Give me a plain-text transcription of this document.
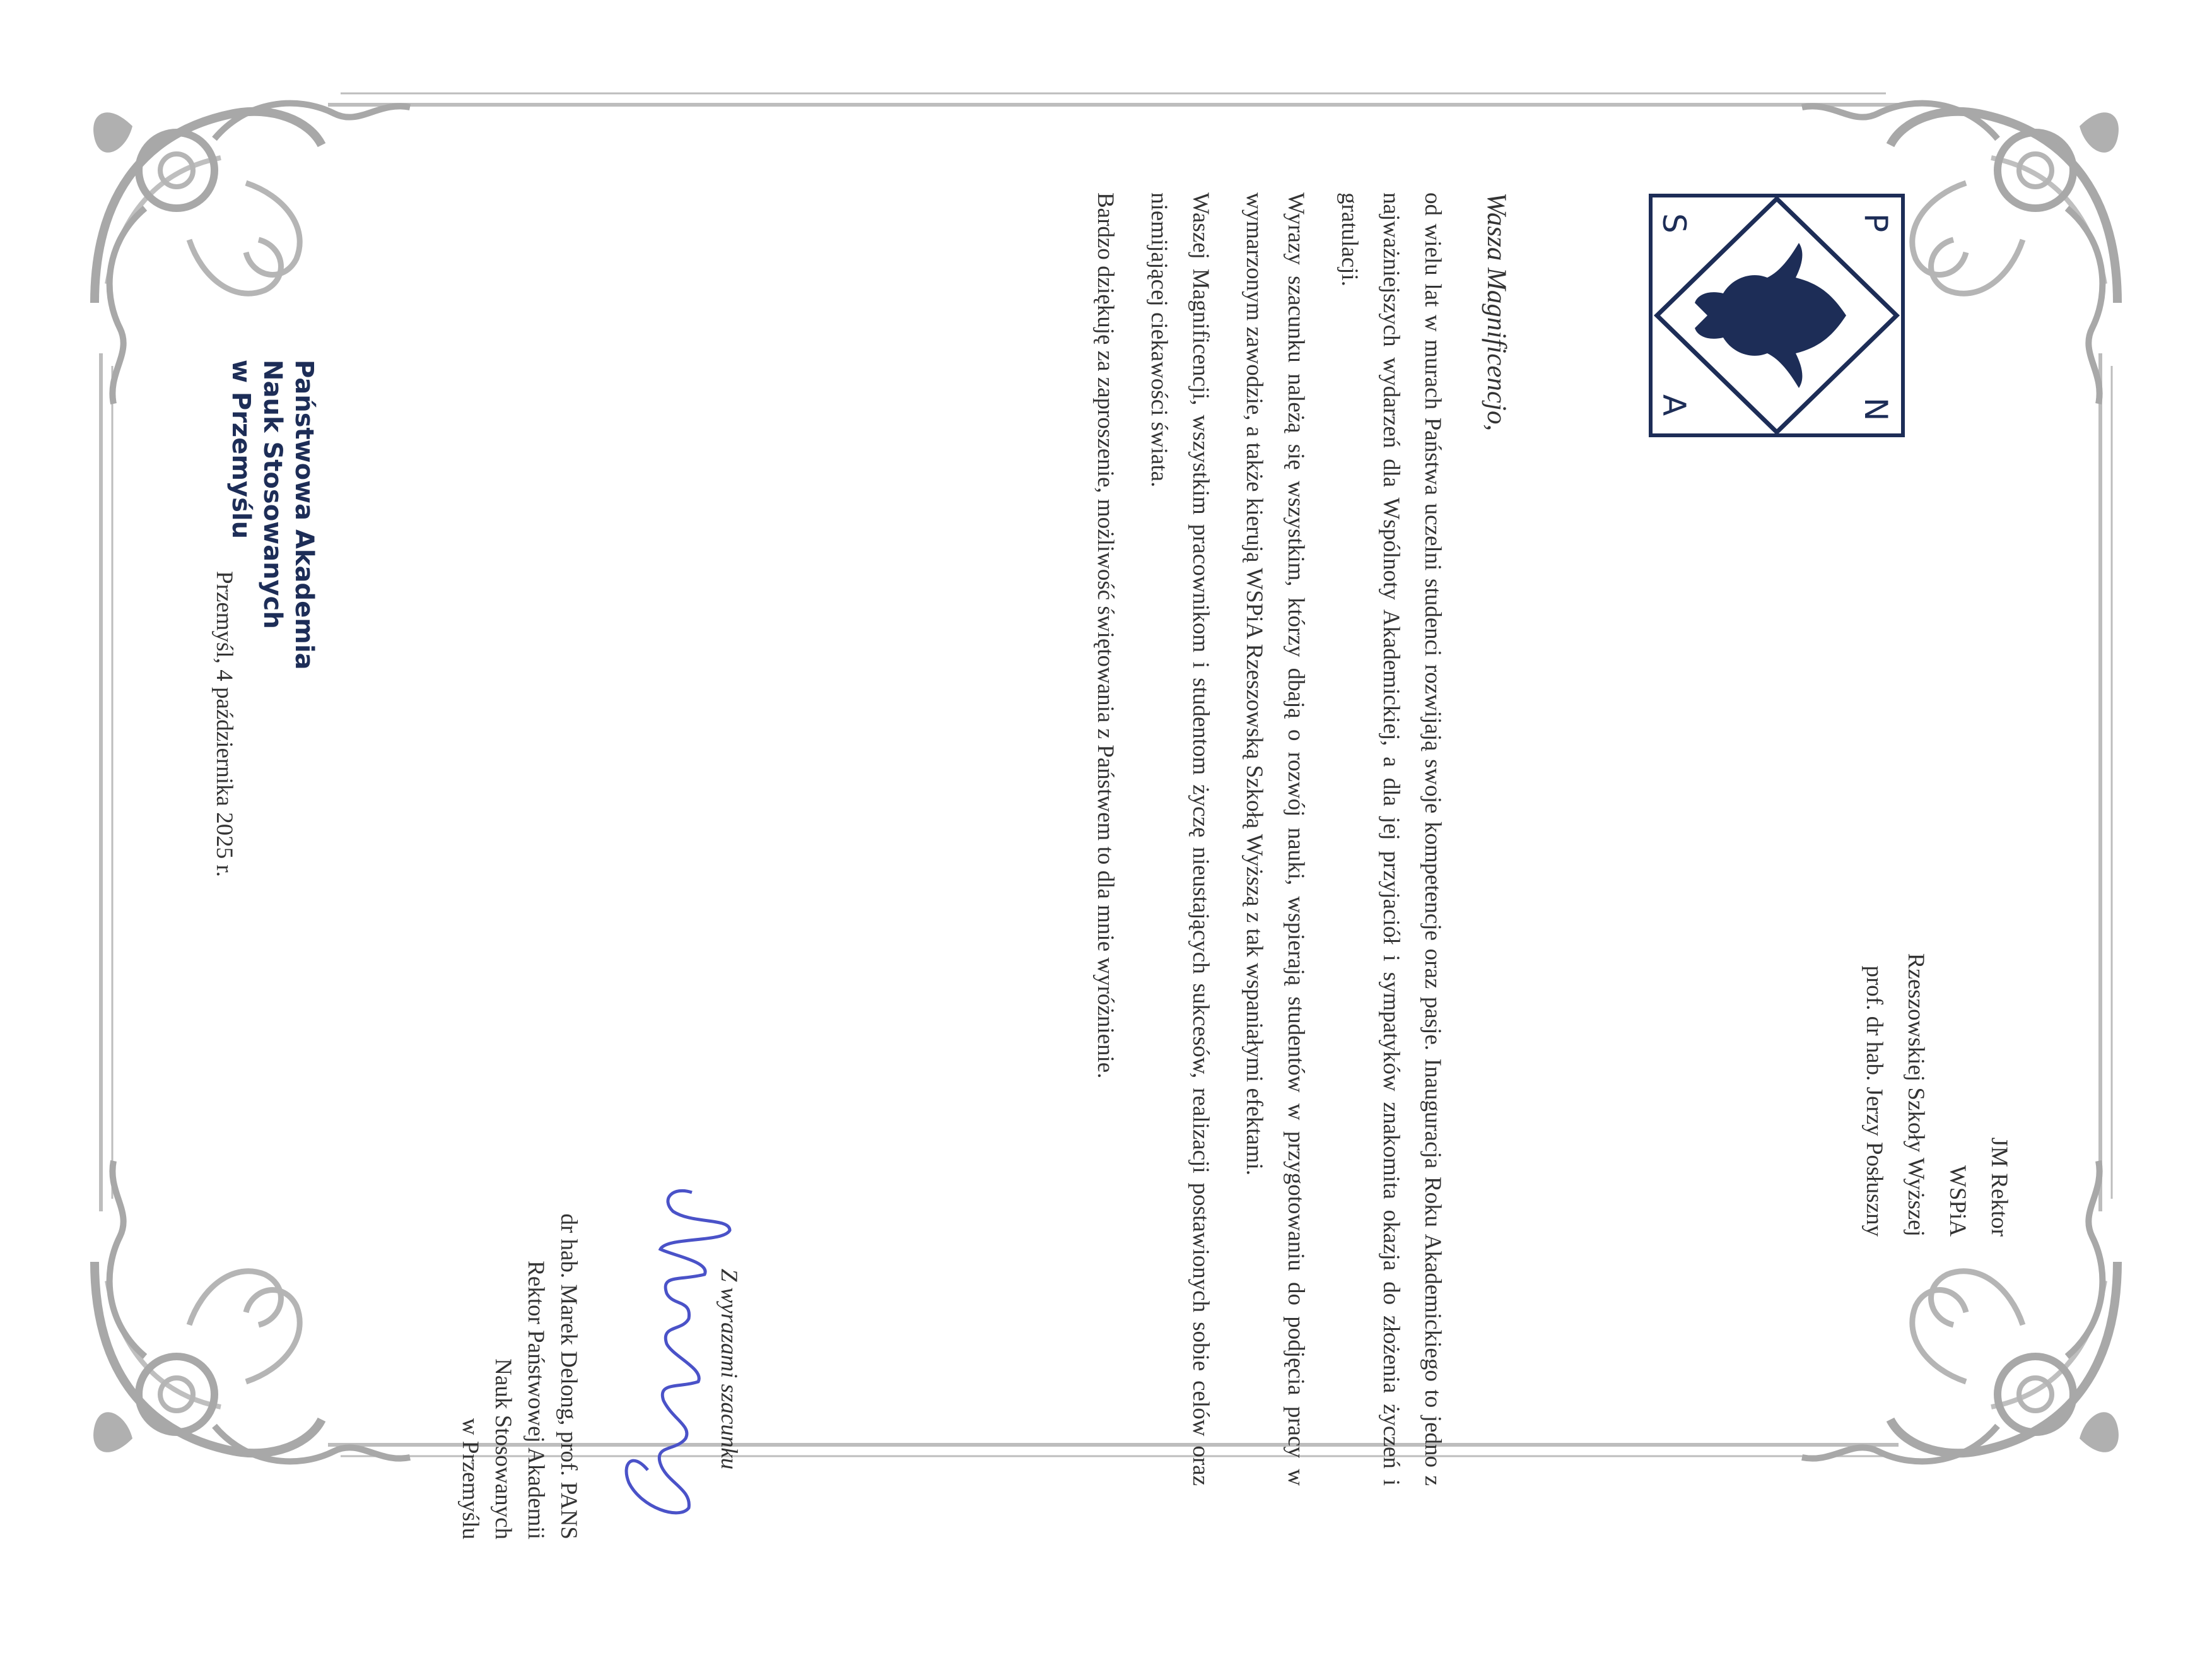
P
A	N
S
Państwowa Akademia
Nauk Stosowanych
w Przemyślu
JM Rektor
WSPiA
Rzeszowskiej Szkoły Wyższej
prof. dr hab. Jerzy Posłuszny
Wasza Magnificencjo,

od wielu lat w murach Państwa uczelni studenci rozwijają swoje kompetencje oraz pasje. Inauguracja Roku Akademickiego to jedno z najważniejszych wydarzeń dla Wspólnoty Akademickiej, a dla jej przyjaciół i sympatyków znakomita okazja do złożenia życzeń i gratulacji.

Wyrazy szacunku należą się wszystkim, którzy dbają o rozwój nauki, wspierają studentów w przygotowaniu do podjęcia pracy w wymarzonym zawodzie, a także kierują WSPiA Rzeszowską Szkołą Wyższą z tak wspaniałymi efektami.

Waszej Magnificencji, wszystkim pracownikom i studentom życzę nieustających sukcesów, realizacji postawionych sobie celów oraz niemijającej ciekawości świata.

Bardzo dziękuję za zaproszenie, możliwość świętowania z Państwem to dla mnie wyróżnienie.

Z wyrazami szacunku
dr hab. Marek Delong, prof. PANS
Rektor Państwowej Akademii
Nauk Stosowanych
w Przemyślu
Przemyśl, 4 października 2025 r.
